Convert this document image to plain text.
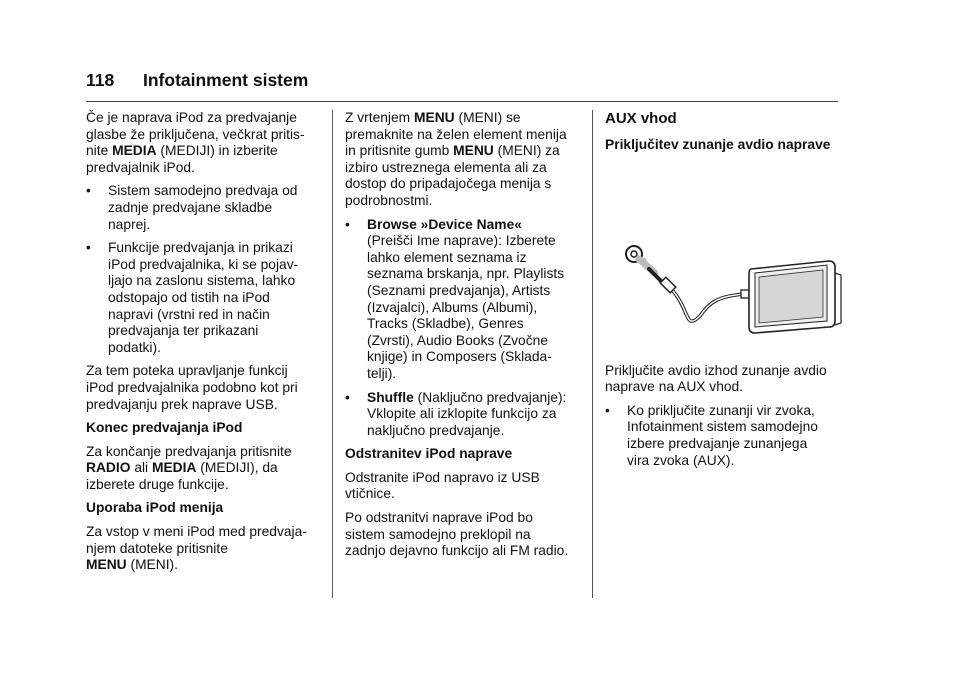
118 Infotainment sistem

Če je naprava iPod za predvajanje
glasbe že priključena, večkrat pritis-
nite MEDIA (MEDIJI) in izberite
predvajalnik iPod.

• Sistem samodejno predvaja od
zadnje predvajane skladbe
naprej.
• Funkcije predvajanja in prikazi
iPod predvajalnika, ki se pojav-
ljajo na zaslonu sistema, lahko
odstopajo od tistih na iPod
napravi (vrstni red in način
predvajanja ter prikazani
podatki).

Za tem poteka upravljanje funkcij
iPod predvajalnika podobno kot pri
predvajanju prek naprave USB.

Konec predvajanja iPod

Za končanje predvajanja pritisnite
RADIO ali MEDIA (MEDIJI), da
izberete druge funkcije.

Uporaba iPod menija

Za vstop v meni iPod med predvaja-
njem datoteke pritisnite
MENU (MENI).

Z vrtenjem MENU (MENI) se
premaknite na želen element menija
in pritisnite gumb MENU (MENI) za
izbiro ustreznega elementa ali za
dostop do pripadajočega menija s
podrobnostmi.

• Browse »Device Name«
(Preišči Ime naprave): Izberete
lahko element seznama iz
seznama brskanja, npr. Playlists
(Seznami predvajanja), Artists
(Izvajalci), Albums (Albumi),
Tracks (Skladbe), Genres
(Zvrsti), Audio Books (Zvočne
knjige) in Composers (Sklada-
telji).
• Shuffle (Naključno predvajanje):
Vklopite ali izklopite funkcijo za
naključno predvajanje.
Odstranitev iPod naprave

Odstranite iPod napravo iz USB
vtičnice.

Po odstranitvi naprave iPod bo
sistem samodejno preklopil na
zadnjo dejavno funkcijo ali FM radio.

AUX vhod
Priključitev zunanje avdio naprave

Priključite avdio izhod zunanje avdio
naprave na AUX vhod.

• Ko priključite zunanji vir zvoka,
Infotainment sistem samodejno
izbere predvajanje zunanjega
vira zvoka (AUX).
